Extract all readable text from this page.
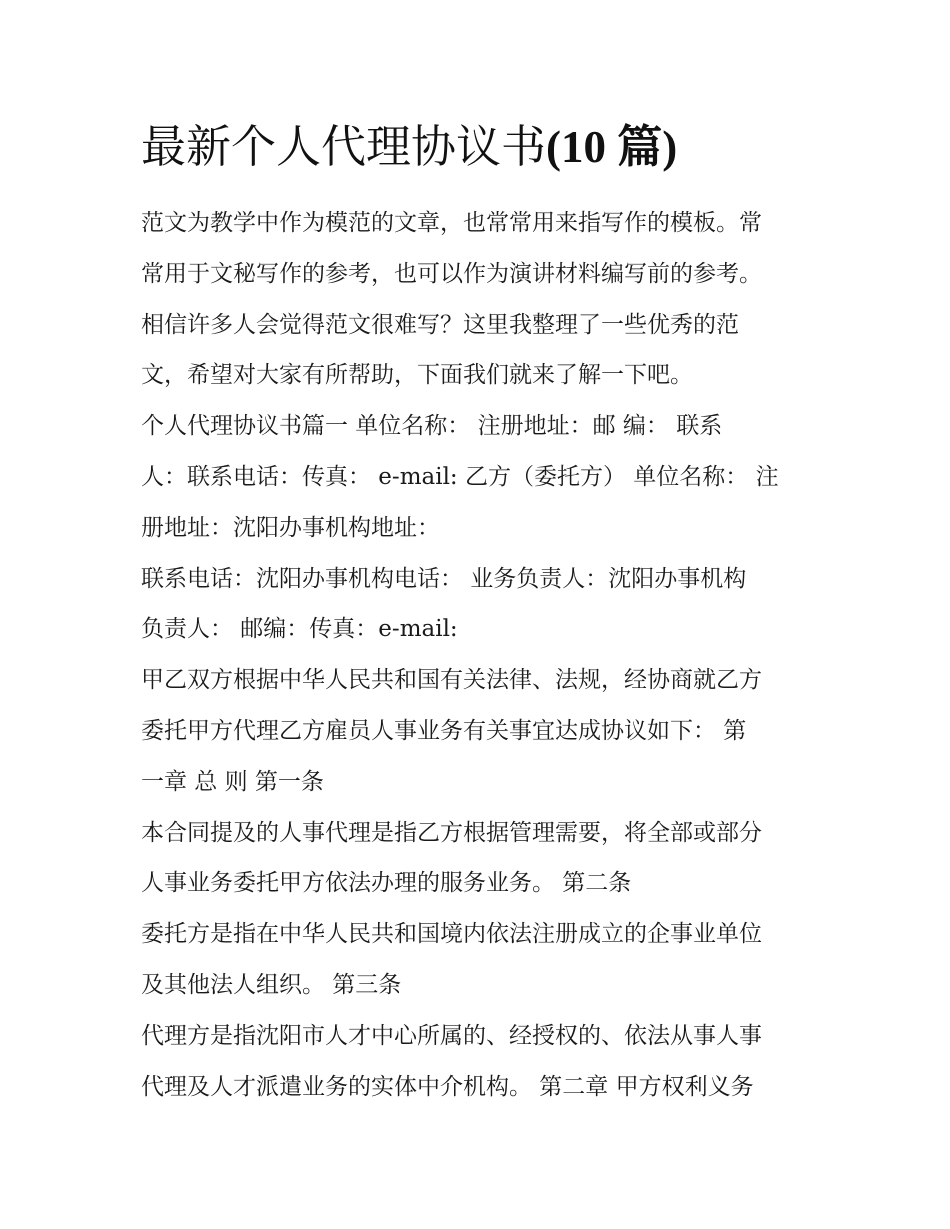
最新个人代理协议书(10 篇)
范文为教学中作为模范的文章，也常常用来指写作的模板。常
常用于文秘写作的参考，也可以作为演讲材料编写前的参考。
相信许多人会觉得范文很难写？这里我整理了一些优秀的范
文，希望对大家有所帮助，下面我们就来了解一下吧。
个人代理协议书篇一 单位名称： 注册地址：邮 编： 联系
人：联系电话：传真： e-mail: 乙方（委托方） 单位名称： 注
册地址：沈阳办事机构地址：
联系电话：沈阳办事机构电话： 业务负责人：沈阳办事机构
负责人： 邮编：传真：e-mail:
甲乙双方根据中华人民共和国有关法律、法规，经协商就乙方
委托甲方代理乙方雇员人事业务有关事宜达成协议如下： 第
一章 总 则 第一条
本合同提及的人事代理是指乙方根据管理需要，将全部或部分
人事业务委托甲方依法办理的服务业务。 第二条
委托方是指在中华人民共和国境内依法注册成立的企事业单位
及其他法人组织。 第三条
代理方是指沈阳市人才中心所属的、经授权的、依法从事人事
代理及人才派遣业务的实体中介机构。 第二章 甲方权利义务
